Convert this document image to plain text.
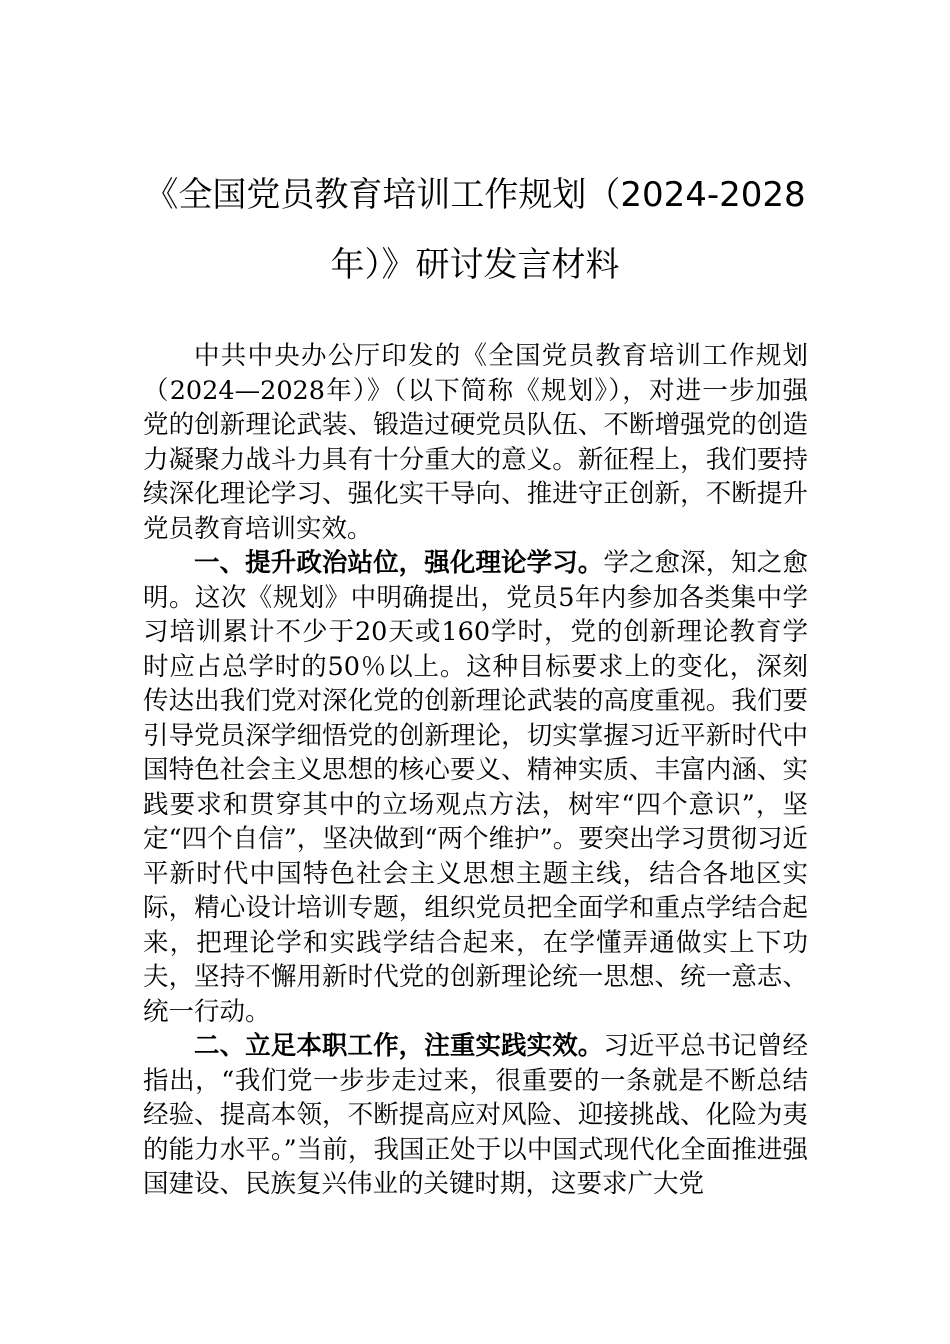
《全国党员教育培训工作规划（2024-2028
年）》研讨发言材料

中共中央办公厅印发的《全国党员教育培训工作规划（2024—2028年）》（以下简称《规划》），对进一步加强党的创新理论武装、锻造过硬党员队伍、不断增强党的创造力凝聚力战斗力具有十分重大的意义。新征程上，我们要持续深化理论学习、强化实干导向、推进守正创新，不断提升党员教育培训实效。

一、提升政治站位，强化理论学习。学之愈深，知之愈明。这次《规划》中明确提出，党员5年内参加各类集中学习培训累计不少于20天或160学时，党的创新理论教育学时应占总学时的50％以上。这种目标要求上的变化，深刻传达出我们党对深化党的创新理论武装的高度重视。我们要引导党员深学细悟党的创新理论，切实掌握习近平新时代中国特色社会主义思想的核心要义、精神实质、丰富内涵、实践要求和贯穿其中的立场观点方法，树牢“四个意识”，坚定“四个自信”，坚决做到“两个维护”。要突出学习贯彻习近平新时代中国特色社会主义思想主题主线，结合各地区实际，精心设计培训专题，组织党员把全面学和重点学结合起来，把理论学和实践学结合起来，在学懂弄通做实上下功夫，坚持不懈用新时代党的创新理论统一思想、统一意志、统一行动。

二、立足本职工作，注重实践实效。习近平总书记曾经指出，“我们党一步步走过来，很重要的一条就是不断总结经验、提高本领，不断提高应对风险、迎接挑战、化险为夷的能力水平。”当前，我国正处于以中国式现代化全面推进强国建设、民族复兴伟业的关键时期，这要求广大党
